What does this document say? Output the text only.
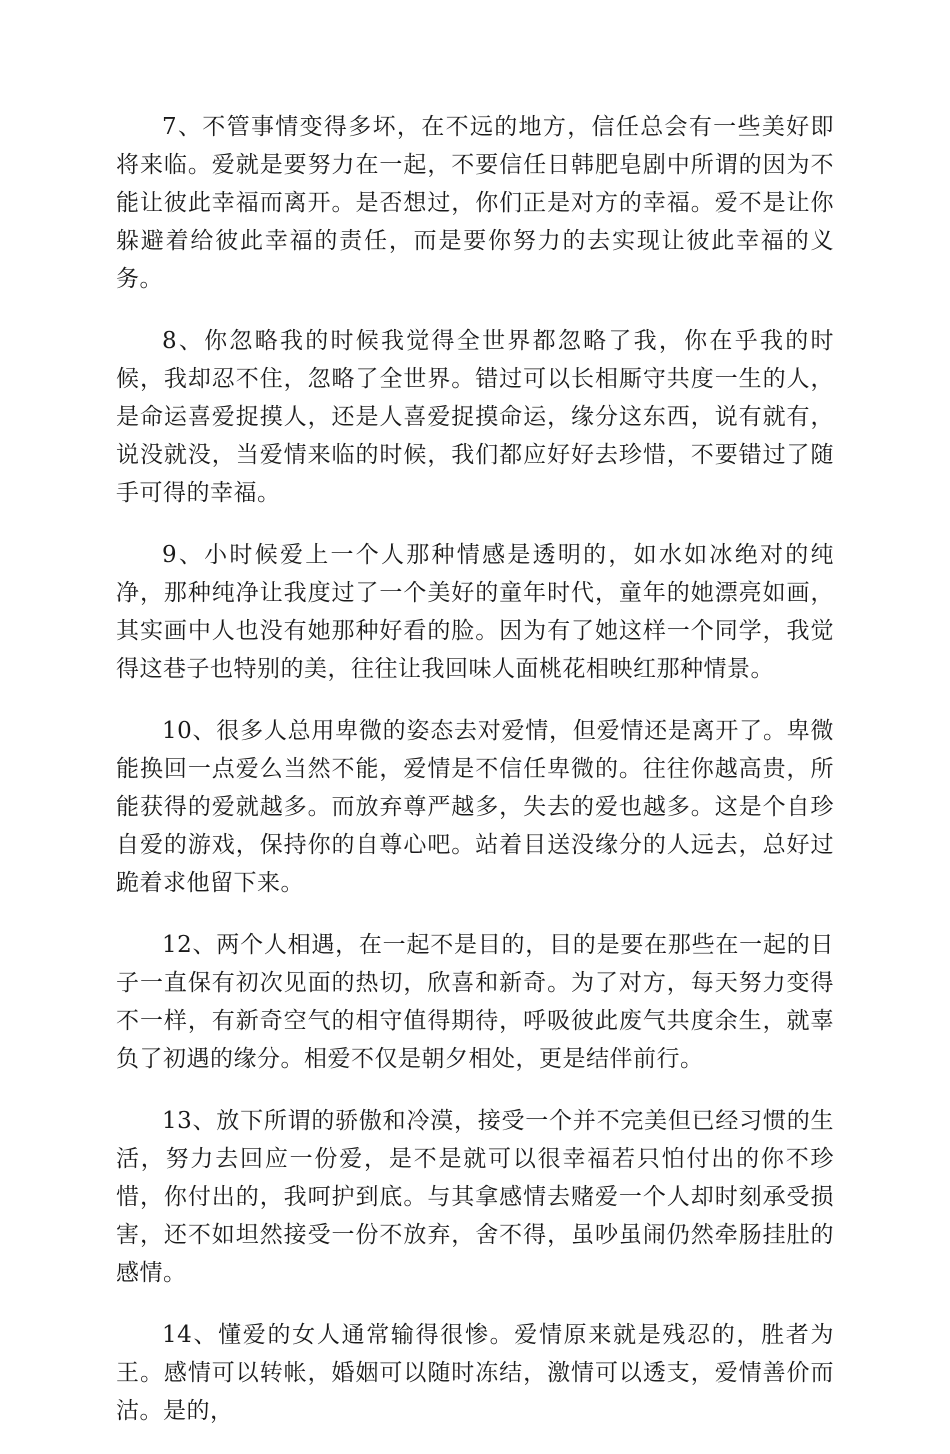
7、不管事情变得多坏，在不远的地方，信任总会有一些美好即将来临。爱就是要努力在一起，不要信任日韩肥皂剧中所谓的因为不能让彼此幸福而离开。是否想过，你们正是对方的幸福。爱不是让你躲避着给彼此幸福的责任，而是要你努力的去实现让彼此幸福的义务。

8、你忽略我的时候我觉得全世界都忽略了我，你在乎我的时候，我却忍不住，忽略了全世界。错过可以长相厮守共度一生的人，是命运喜爱捉摸人，还是人喜爱捉摸命运，缘分这东西，说有就有，说没就没，当爱情来临的时候，我们都应好好去珍惜，不要错过了随手可得的幸福。

9、小时候爱上一个人那种情感是透明的，如水如冰绝对的纯净，那种纯净让我度过了一个美好的童年时代，童年的她漂亮如画，其实画中人也没有她那种好看的脸。因为有了她这样一个同学，我觉得这巷子也特别的美，往往让我回味人面桃花相映红那种情景。

10、很多人总用卑微的姿态去对爱情，但爱情还是离开了。卑微能换回一点爱么当然不能，爱情是不信任卑微的。往往你越高贵，所能获得的爱就越多。而放弃尊严越多，失去的爱也越多。这是个自珍自爱的游戏，保持你的自尊心吧。站着目送没缘分的人远去，总好过跪着求他留下来。

12、两个人相遇，在一起不是目的，目的是要在那些在一起的日子一直保有初次见面的热切，欣喜和新奇。为了对方，每天努力变得不一样，有新奇空气的相守值得期待，呼吸彼此废气共度余生，就辜负了初遇的缘分。相爱不仅是朝夕相处，更是结伴前行。

13、放下所谓的骄傲和冷漠，接受一个并不完美但已经习惯的生活，努力去回应一份爱，是不是就可以很幸福若只怕付出的你不珍惜，你付出的，我呵护到底。与其拿感情去赌爱一个人却时刻承受损害，还不如坦然接受一份不放弃，舍不得，虽吵虽闹仍然牵肠挂肚的感情。

14、懂爱的女人通常输得很惨。爱情原来就是残忍的，胜者为王。感情可以转帐，婚姻可以随时冻结，激情可以透支，爱情善价而沽。是的，
